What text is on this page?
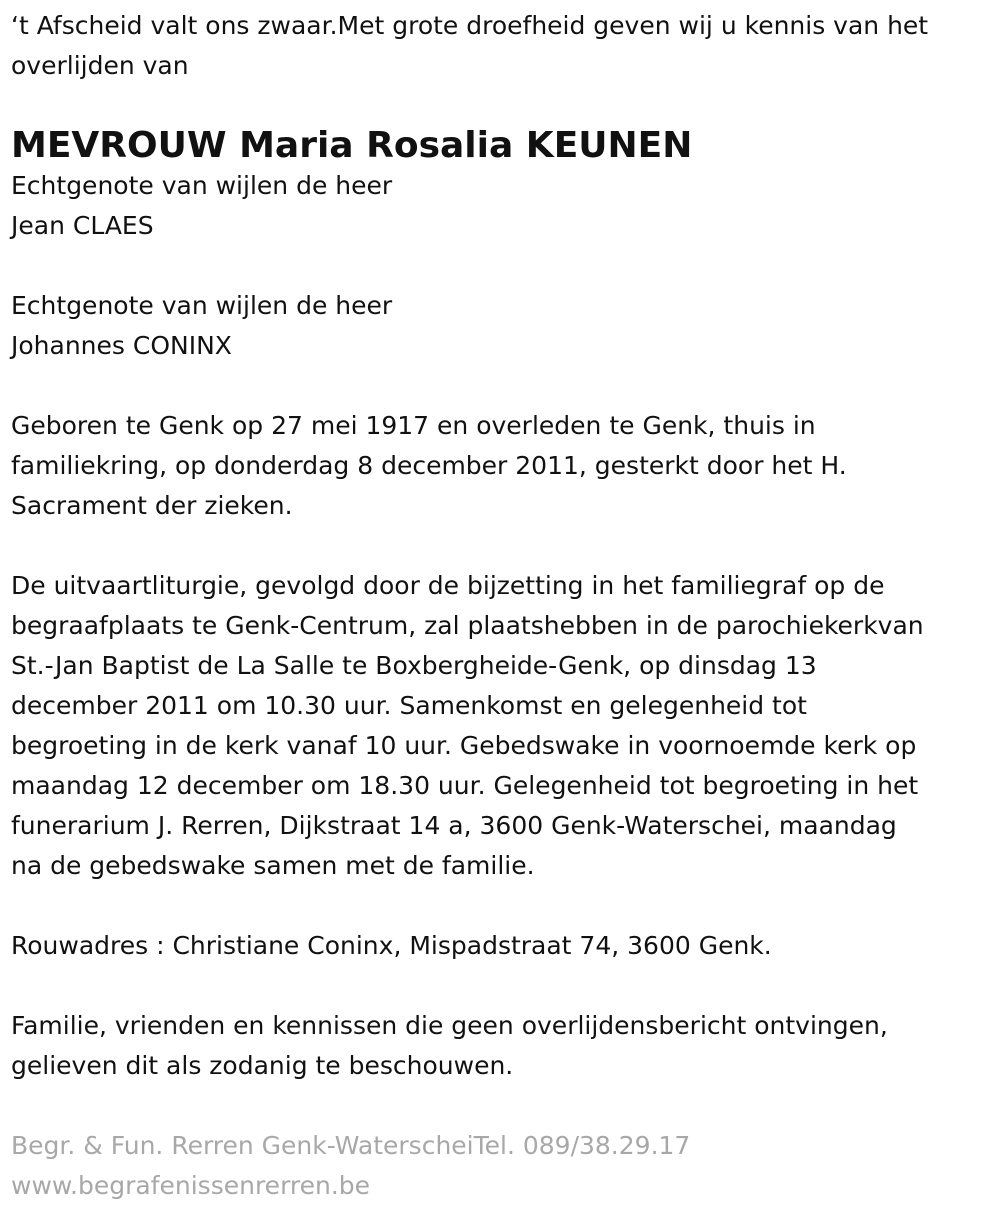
‘t Afscheid valt ons zwaar.Met grote droefheid geven wij u kennis van het
overlijden van

MEVROUW Maria Rosalia KEUNEN

Echtgenote van wijlen de heer
Jean CLAES

Echtgenote van wijlen de heer
Johannes CONINX

Geboren te Genk op 27 mei 1917 en overleden te Genk, thuis in
familiekring, op donderdag 8 december 2011, gesterkt door het H.
Sacrament der zieken.

De uitvaartliturgie, gevolgd door de bijzetting in het familiegraf op de
begraafplaats te Genk-Centrum, zal plaatshebben in de parochiekerkvan
St.-Jan Baptist de La Salle te Boxbergheide-Genk, op dinsdag 13
december 2011 om 10.30 uur. Samenkomst en gelegenheid tot
begroeting in de kerk vanaf 10 uur. Gebedswake in voornoemde kerk op
maandag 12 december om 18.30 uur. Gelegenheid tot begroeting in het
funerarium J. Rerren, Dijkstraat 14 a, 3600 Genk-Waterschei, maandag
na de gebedswake samen met de familie.

Rouwadres : Christiane Coninx, Mispadstraat 74, 3600 Genk.

Familie, vrienden en kennissen die geen overlijdensbericht ontvingen,
gelieven dit als zodanig te beschouwen.

Begr. & Fun. Rerren Genk-WaterscheiTel. 089/38.29.17
www.begrafenissenrerren.be
